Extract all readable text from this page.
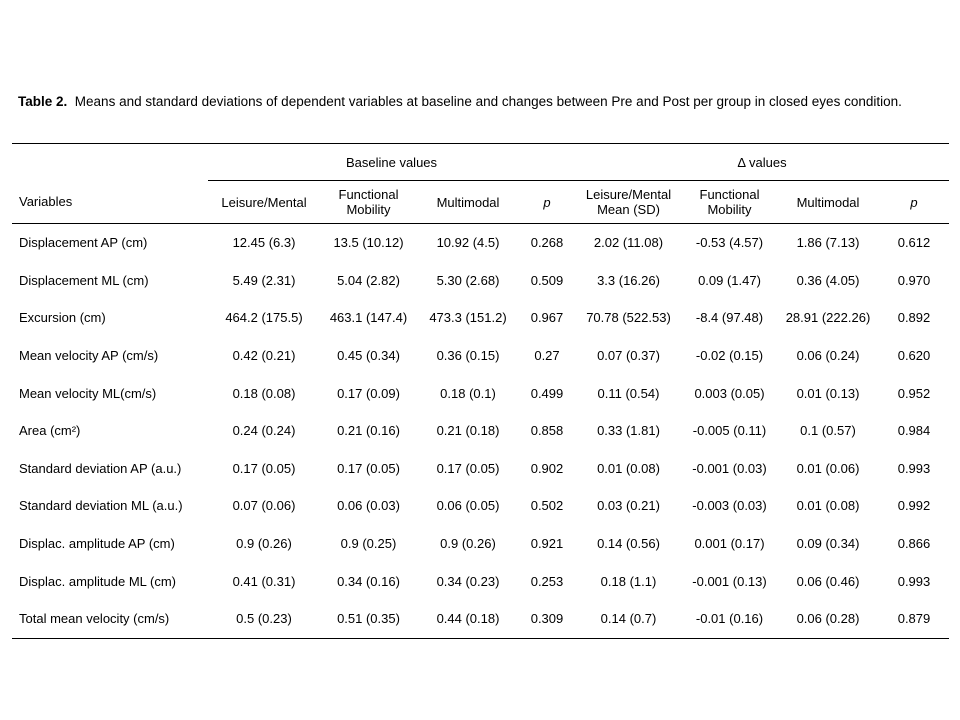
Table 2. Means and standard deviations of dependent variables at baseline and changes between Pre and Post per group in closed eyes condition.
	Baseline values				Δ values			
Variables	Leisure/Mental	Functional Mobility	Multimodal	p	Leisure/Mental Mean (SD)	Functional Mobility	Multimodal	p
Displacement AP (cm)	12.45 (6.3)	13.5 (10.12)	10.92 (4.5)	0.268	2.02 (11.08)	-0.53 (4.57)	1.86 (7.13)	0.612
Displacement ML (cm)	5.49 (2.31)	5.04 (2.82)	5.30 (2.68)	0.509	3.3 (16.26)	0.09 (1.47)	0.36 (4.05)	0.970
Excursion (cm)	464.2 (175.5)	463.1 (147.4)	473.3 (151.2)	0.967	70.78 (522.53)	-8.4 (97.48)	28.91 (222.26)	0.892
Mean velocity AP (cm/s)	0.42 (0.21)	0.45 (0.34)	0.36 (0.15)	0.27	0.07 (0.37)	-0.02 (0.15)	0.06 (0.24)	0.620
Mean velocity ML(cm/s)	0.18 (0.08)	0.17 (0.09)	0.18 (0.1)	0.499	0.11 (0.54)	0.003 (0.05)	0.01 (0.13)	0.952
Area (cm²)	0.24 (0.24)	0.21 (0.16)	0.21 (0.18)	0.858	0.33 (1.81)	-0.005 (0.11)	0.1 (0.57)	0.984
Standard deviation AP (a.u.)	0.17 (0.05)	0.17 (0.05)	0.17 (0.05)	0.902	0.01 (0.08)	-0.001 (0.03)	0.01 (0.06)	0.993
Standard deviation ML (a.u.)	0.07 (0.06)	0.06 (0.03)	0.06 (0.05)	0.502	0.03 (0.21)	-0.003 (0.03)	0.01 (0.08)	0.992
Displac. amplitude AP (cm)	0.9 (0.26)	0.9 (0.25)	0.9 (0.26)	0.921	0.14 (0.56)	0.001 (0.17)	0.09 (0.34)	0.866
Displac. amplitude ML (cm)	0.41 (0.31)	0.34 (0.16)	0.34 (0.23)	0.253	0.18 (1.1)	-0.001 (0.13)	0.06 (0.46)	0.993
Total mean velocity (cm/s)	0.5 (0.23)	0.51 (0.35)	0.44 (0.18)	0.309	0.14 (0.7)	-0.01 (0.16)	0.06 (0.28)	0.879
